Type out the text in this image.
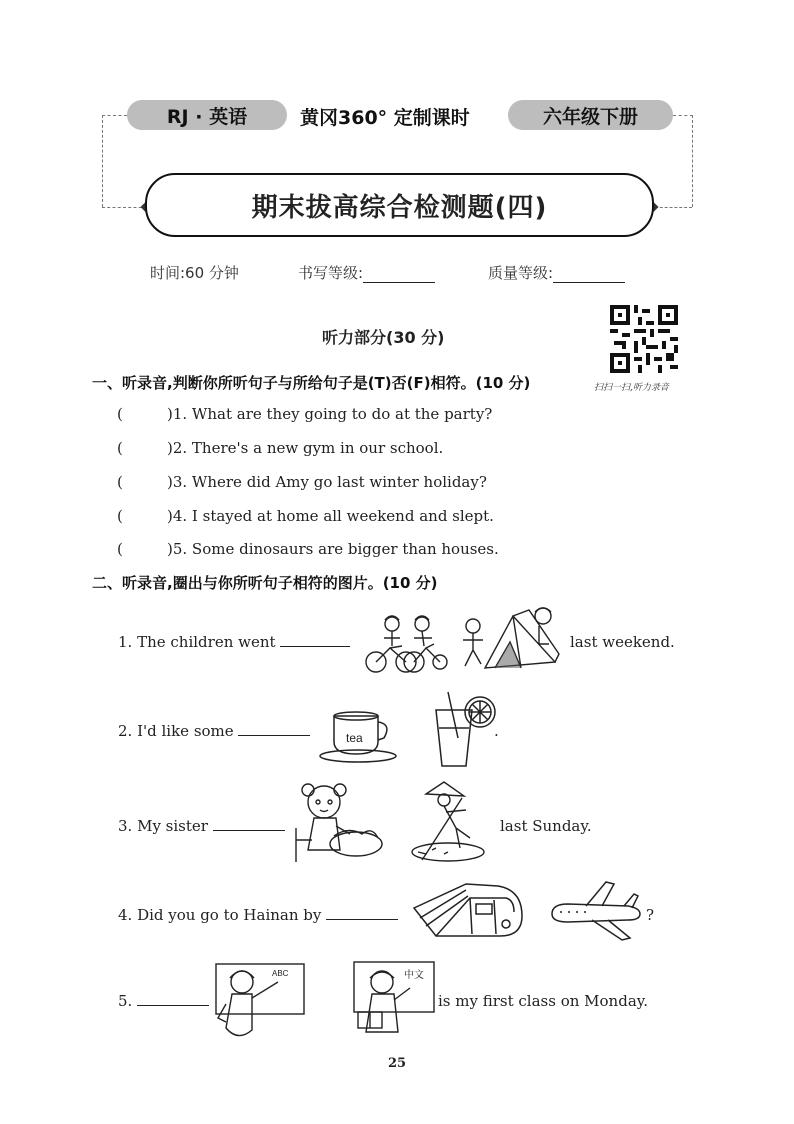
RJ · 英语	黄冈360° 定制课时	六年级下册
期末拔高综合检测题(四)
时间:60 分钟	书写等级:	质量等级:
听力部分(30 分)
扫扫一扫,听力录音
一、听录音,判断你所听句子与所给句子是(T)否(F)相符。(10 分)
(	)1. What are they going to do at the party?
(	)2. There's a new gym in our school.
(	)3. Where did Amy go last winter holiday?
(	)4. I stayed at home all weekend and slept.
(	)5. Some dinosaurs are bigger than houses.
二、听录音,圈出与你所听句子相符的图片。(10 分)
1. The children went	last weekend.
2. I'd like some	tea	.
3. My sister	last Sunday.
4. Did you go to Hainan by	?
5.
ABC	中文
is my first class on Monday.
25
